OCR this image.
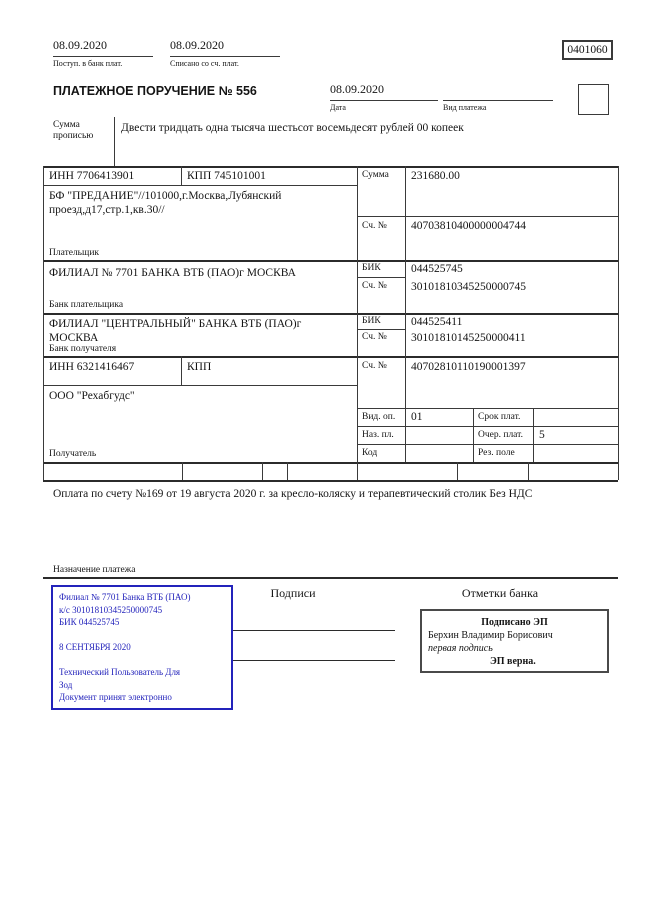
08.09.2020
Поступ. в банк плат.
08.09.2020
Списано со сч. плат.
0401060
ПЛАТЕЖНОЕ ПОРУЧЕНИЕ № 556	08.09.2020
Дата
	Вид платежа
Сумма прописью
Двести тридцать одна тысяча шестьсот восемьдесят рублей 00 копеек
ИНН 7706413901	КПП 745101001
БФ "ПРЕДАНИЕ"//101000,г.Москва,Лубянский проезд,д17,стр.1,кв.30//
Плательщик
Сумма 231680.00
Сч. № 40703810400000004744
ФИЛИАЛ № 7701 БАНКА ВТБ (ПАО)г МОСКВА
Банк плательщика
БИК	044525745
Сч. № 30101810345250000745
ФИЛИАЛ "ЦЕНТРАЛЬНЫЙ" БАНКА ВТБ (ПАО)г МОСКВА
Банк получателя
БИК	044525411
Сч. № 30101810145250000411
ИНН 6321416467	КПП
ООО "Рехабгудс"
Получатель
Сч. № 40702810110190001397
Вид. оп. 01	Срок плат.
Наз. пл.	Очер. плат. 5
Код	Рез. поле
Оплата по счету №169 от 19 августа 2020 г. за кресло-коляску и терапевтический столик Без НДС
Назначение платежа
Подписи	Отметки банка
Филиал № 7701 Банка ВТБ (ПАО)
к/с 30101810345250000745
БИК 044525745
8 СЕНТЯБРЯ 2020
Технический Пользователь Для
Зод
Документ принят электронно
Подписано ЭП
Берхин Владимир Борисович
первая подпись
ЭП верна.
